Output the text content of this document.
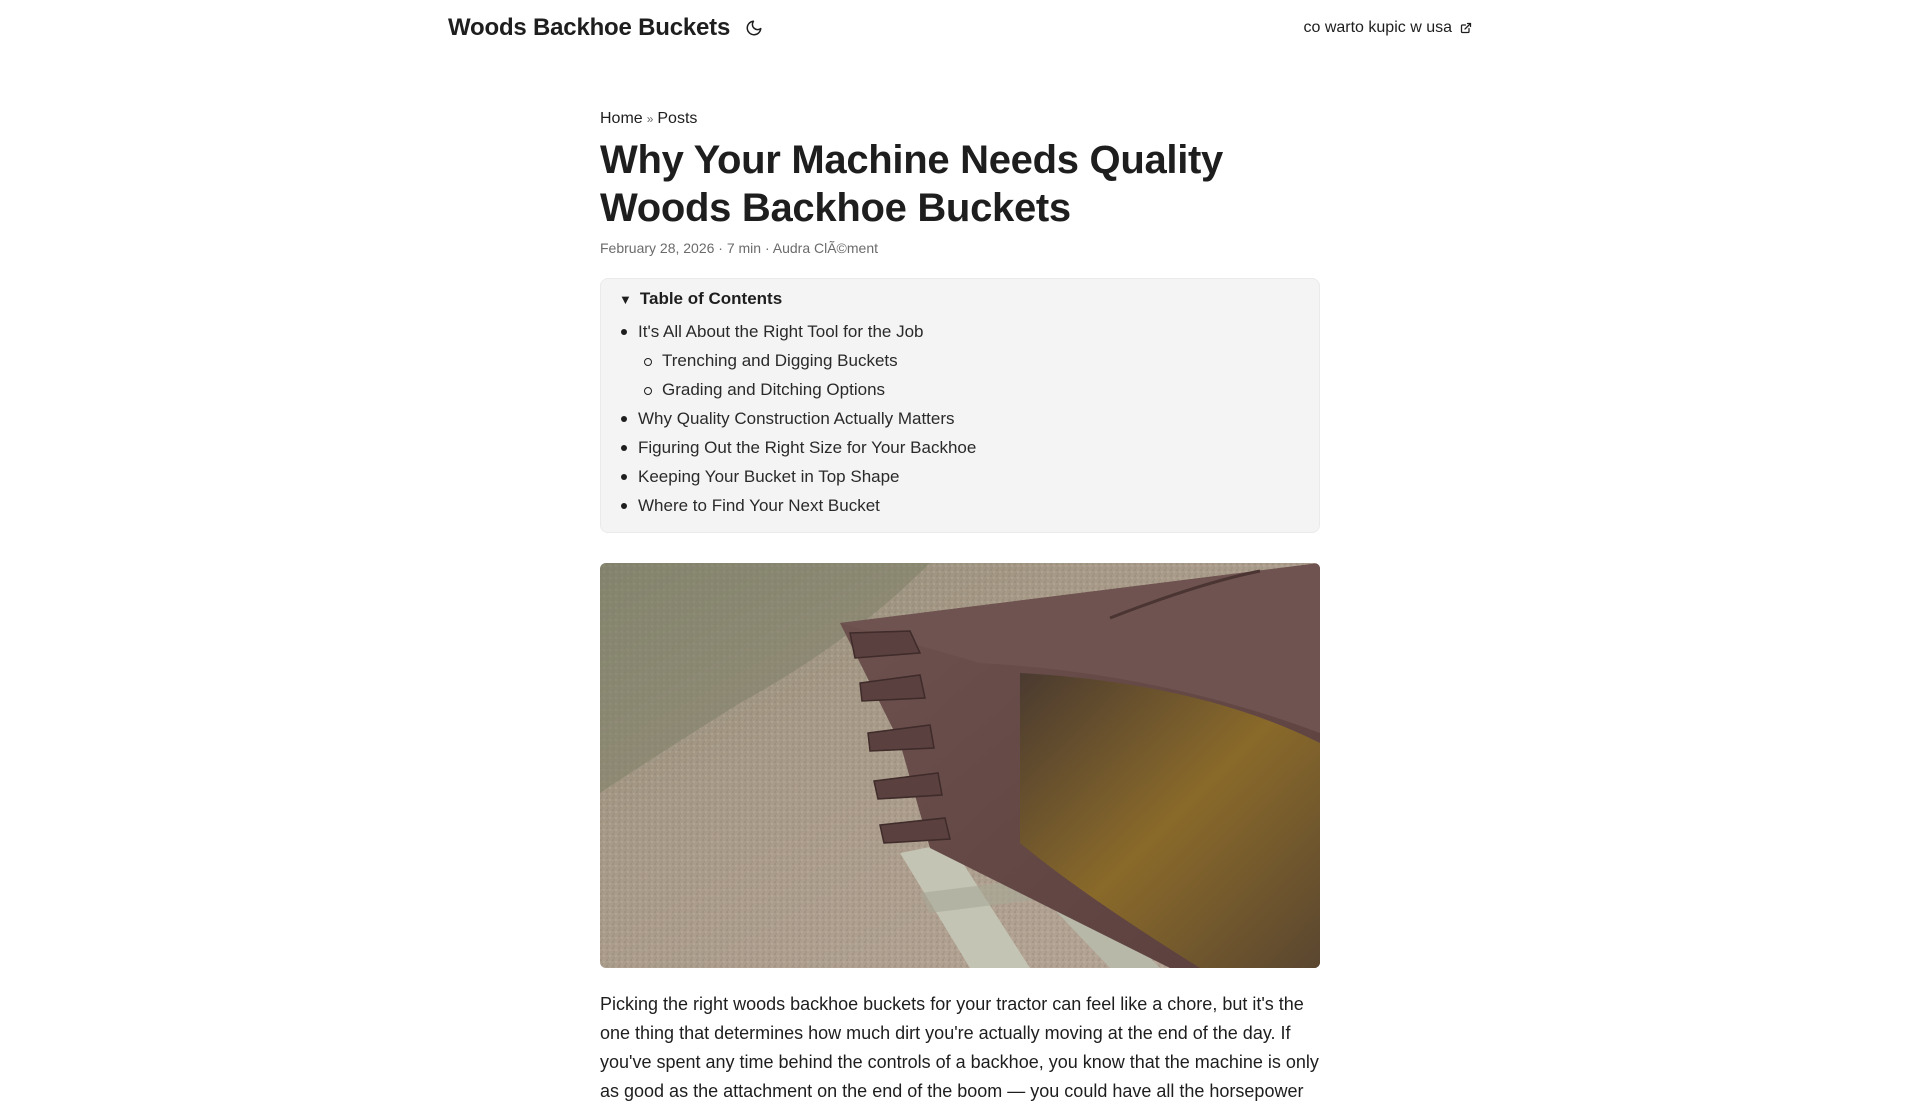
Woods Backhoe Buckets	co warto kupic w usa
Home » Posts
Why Your Machine Needs Quality Woods Backhoe Buckets
February 28, 2026 · 7 min · Audra ClÃ©ment
▼ Table of Contents
It's All About the Right Tool for the Job
Trenching and Digging Buckets
Grading and Ditching Options
Why Quality Construction Actually Matters
Figuring Out the Right Size for Your Backhoe
Keeping Your Bucket in Top Shape
Where to Find Your Next Bucket

Picking the right woods backhoe buckets for your tractor can feel like a chore, but it's the one thing that determines how much dirt you're actually moving at the end of the day. If you've spent any time behind the controls of a backhoe, you know that the machine is only as good as the attachment on the end of the boom — you could have all the horsepower
